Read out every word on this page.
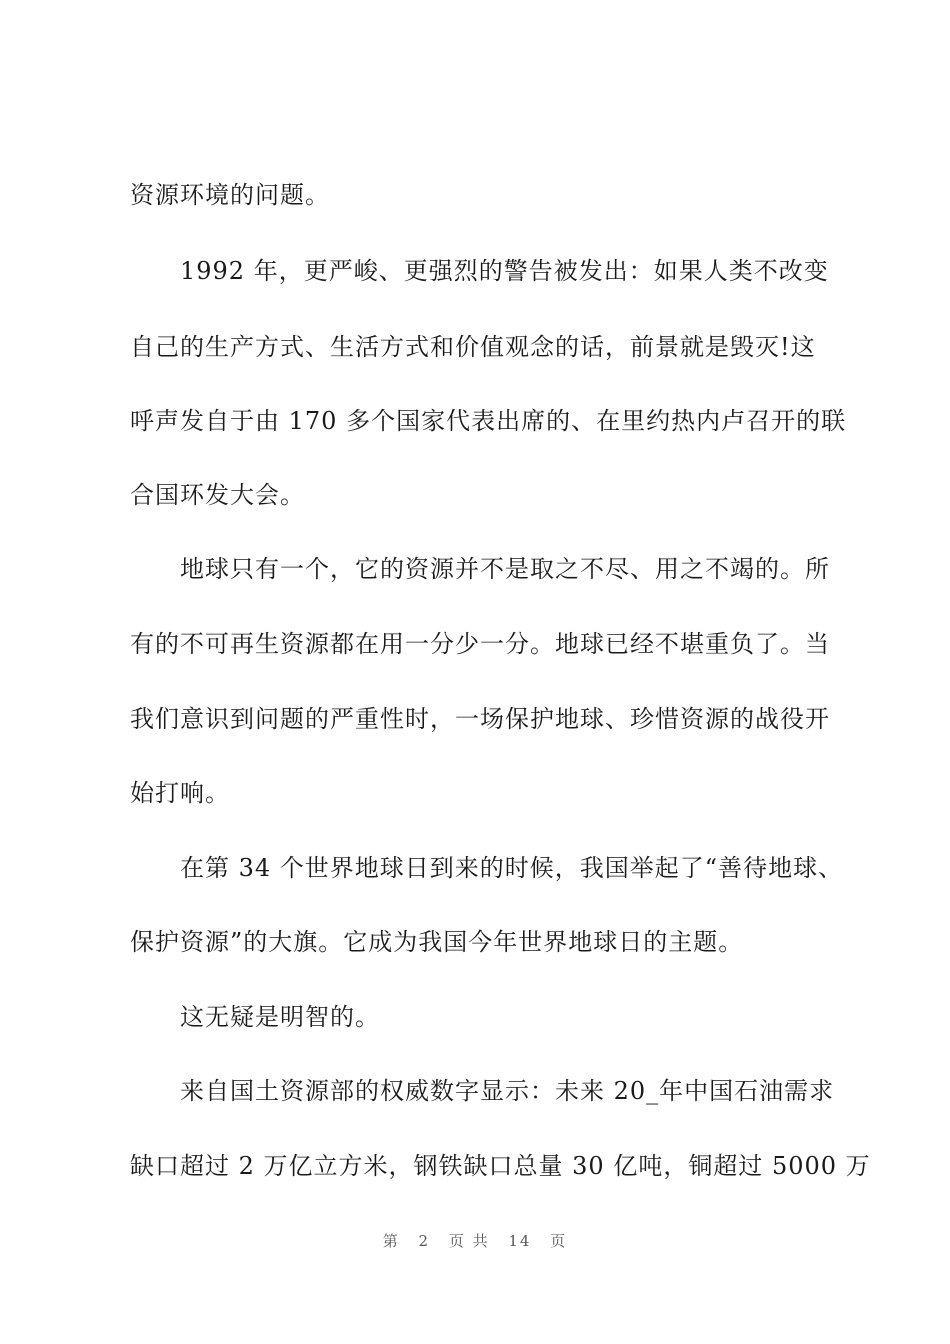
资源环境的问题。
　　1992 年，更严峻、更强烈的警告被发出：如果人类不改变
自己的生产方式、生活方式和价值观念的话，前景就是毁灭!这
呼声发自于由 170 多个国家代表出席的、在里约热内卢召开的联
合国环发大会。
　　地球只有一个，它的资源并不是取之不尽、用之不竭的。所
有的不可再生资源都在用一分少一分。地球已经不堪重负了。当
我们意识到问题的严重性时，一场保护地球、珍惜资源的战役开
始打响。
　　在第 34 个世界地球日到来的时候，我国举起了“善待地球、
保护资源”的大旗。它成为我国今年世界地球日的主题。
　　这无疑是明智的。
　　来自国土资源部的权威数字显示：未来 20_年中国石油需求
缺口超过 2 万亿立方米，钢铁缺口总量 30 亿吨，铜超过 5000 万
第 2 页 共 14 页
